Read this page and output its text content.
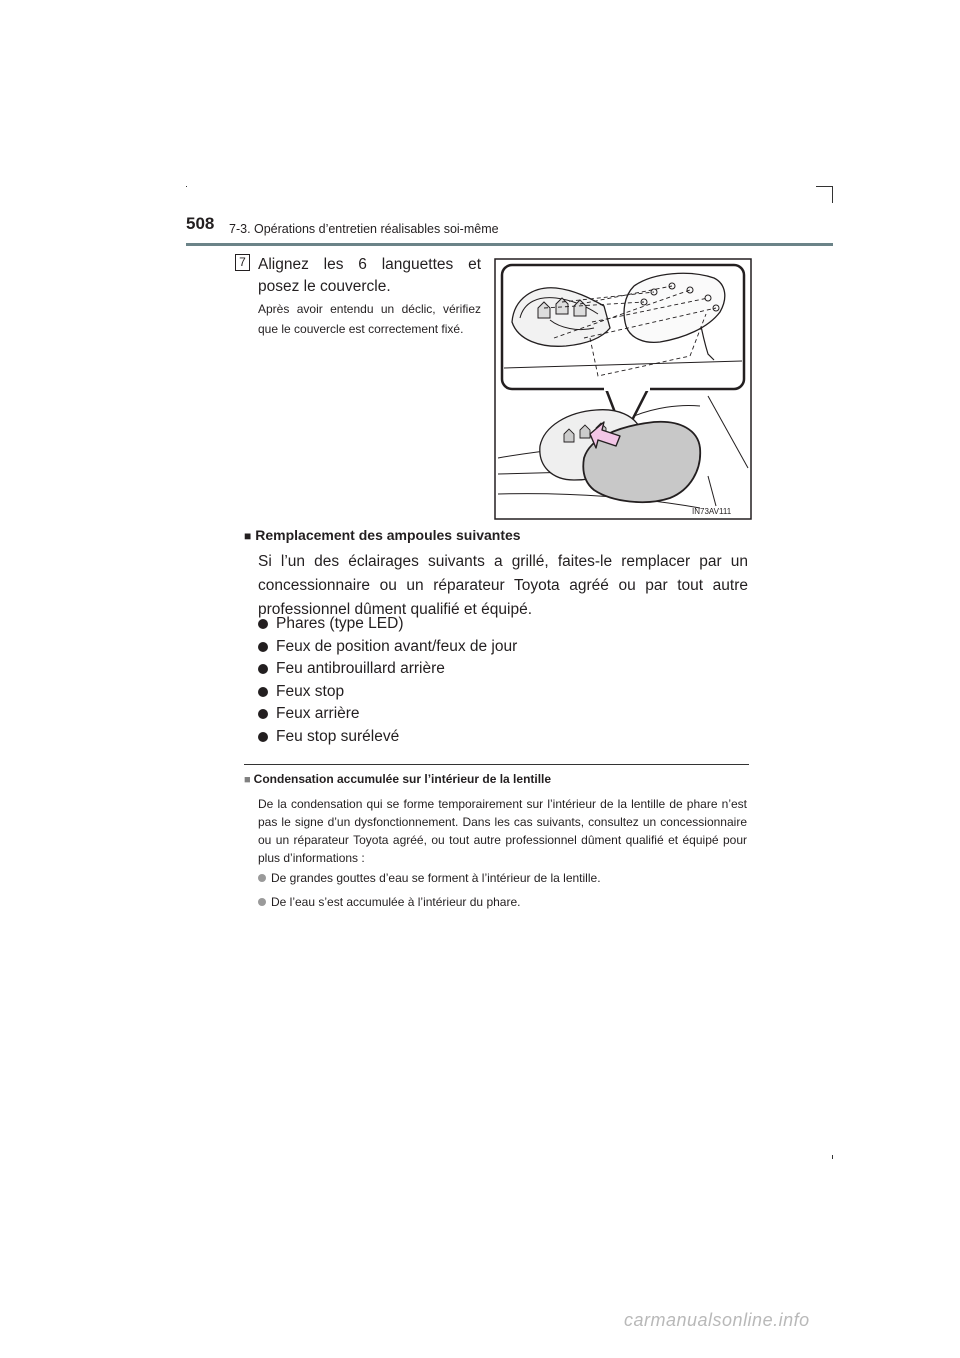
508 7-3. Opérations d’entretien réalisables soi-même
7 Alignez les 6 languettes et posez le couvercle.
Après avoir entendu un déclic, vérifiez que le couvercle est correctement fixé.
IN73AV111
■ Remplacement des ampoules suivantes
Si l’un des éclairages suivants a grillé, faites-le remplacer par un concessionnaire ou un réparateur Toyota agréé ou par tout autre professionnel dûment qualifié et équipé.
Phares (type LED)
Feux de position avant/feux de jour
Feu antibrouillard arrière
Feux stop
Feux arrière
Feu stop surélevé
■ Condensation accumulée sur l’intérieur de la lentille
De la condensation qui se forme temporairement sur l’intérieur de la lentille de phare n’est pas le signe d’un dysfonctionnement. Dans les cas suivants, consultez un concessionnaire ou un réparateur Toyota agréé, ou tout autre professionnel dûment qualifié et équipé pour plus d’informations :
De grandes gouttes d’eau se forment à l’intérieur de la lentille.
De l’eau s’est accumulée à l’intérieur du phare.
carmanualsonline.info
